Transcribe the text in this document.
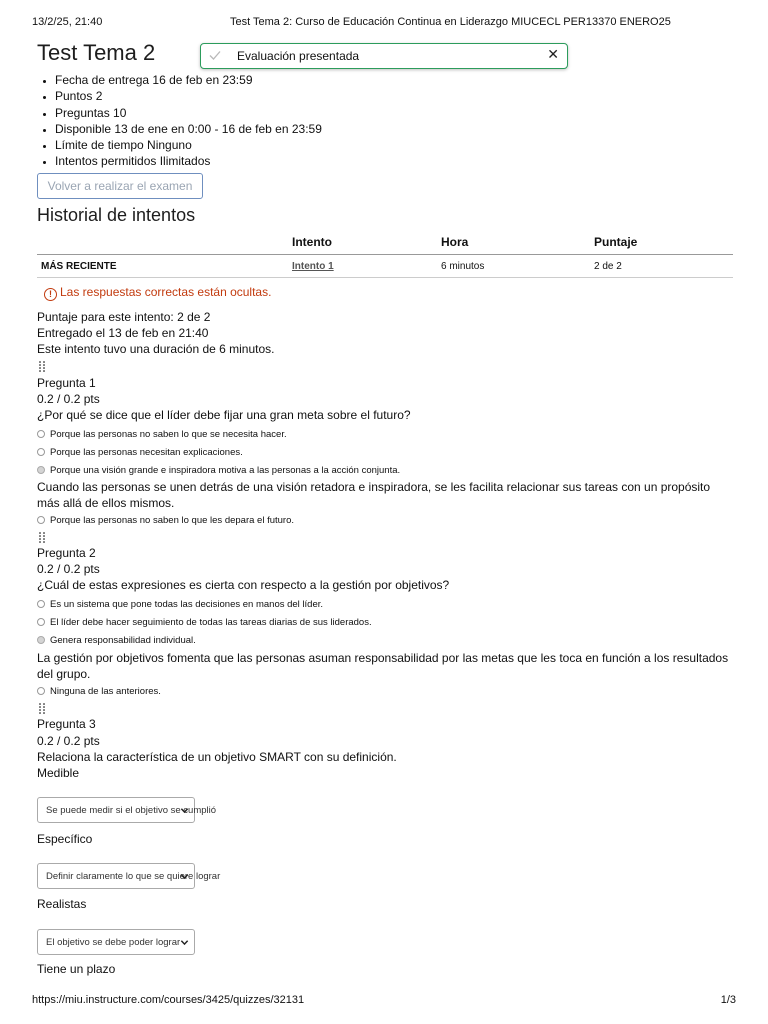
13/2/25, 21:40	Test Tema 2: Curso de Educación Continua en Liderazgo MIUCECL PER13370 ENERO25
Test Tema 2	Evaluación presentada	✕
• Fecha de entrega 16 de feb en 23:59
• Puntos 2
• Preguntas 10
• Disponible 13 de ene en 0:00 - 16 de feb en 23:59
• Límite de tiempo Ninguno
• Intentos permitidos Ilimitados
Volver a realizar el examen
Historial de intentos
	Intento	Hora	Puntaje
MÁS RECIENTE	Intento 1	6 minutos	2 de 2
! Las respuestas correctas están ocultas.
Puntaje para este intento: 2 de 2
Entregado el 13 de feb en 21:40
Este intento tuvo una duración de 6 minutos.
Pregunta 1
0.2 / 0.2 pts
¿Por qué se dice que el líder debe fijar una gran meta sobre el futuro?
Porque las personas no saben lo que se necesita hacer.
Porque las personas necesitan explicaciones.
Porque una visión grande e inspiradora motiva a las personas a la acción conjunta.
Cuando las personas se unen detrás de una visión retadora e inspiradora, se les facilita relacionar sus tareas con un propósito más allá de ellos mismos.
Porque las personas no saben lo que les depara el futuro.
Pregunta 2
0.2 / 0.2 pts
¿Cuál de estas expresiones es cierta con respecto a la gestión por objetivos?
Es un sistema que pone todas las decisiones en manos del líder.
El líder debe hacer seguimiento de todas las tareas diarias de sus liderados.
Genera responsabilidad individual.
La gestión por objetivos fomenta que las personas asuman responsabilidad por las metas que les toca en función a los resultados del grupo.
Ninguna de las anteriores.
Pregunta 3
0.2 / 0.2 pts
Relaciona la característica de un objetivo SMART con su definición.
Medible
Se puede medir si el objetivo se cumplió
Específico
Definir claramente lo que se quiere lograr
Realistas
El objetivo se debe poder lograr
Tiene un plazo
https://miu.instructure.com/courses/3425/quizzes/32131	1/3
